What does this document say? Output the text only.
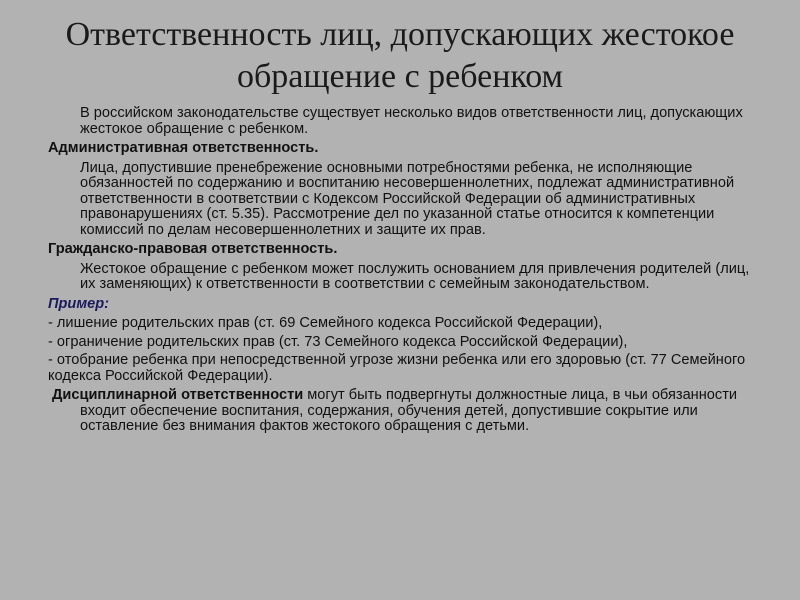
Ответственность лиц, допускающих жестокое
обращение с ребенком

В российском законодательстве существует несколько видов ответственности лиц, допускающих жестокое обращение с ребенком.

Административная ответственность.

Лица, допустившие пренебрежение основными потребностями ребенка, не исполняющие обязанностей по содержанию и воспитанию несовершеннолетних, подлежат административной ответственности в соответствии с Кодексом Российской Федерации об административных правонарушениях (ст. 5.35). Рассмотрение дел по указанной статье относится к компетенции комиссий по делам несовершеннолетних и защите их прав.

Гражданско-правовая ответственность.

Жестокое обращение с ребенком может послужить основанием для привлечения родителей (лиц, их заменяющих) к ответственности в соответствии с семейным законодательством.

Пример:

- лишение родительских прав (ст. 69 Семейного кодекса Российской Федерации),

- ограничение родительских прав (ст. 73 Семейного кодекса Российской Федерации),

- отобрание ребенка при непосредственной угрозе жизни ребенка или его здоровью (ст. 77 Семейного кодекса Российской Федерации).

Дисциплинарной ответственности могут быть подвергнуты должностные лица, в чьи обязанности входит обеспечение воспитания, содержания, обучения детей, допустившие сокрытие или оставление без внимания фактов жестокого обращения с детьми.
